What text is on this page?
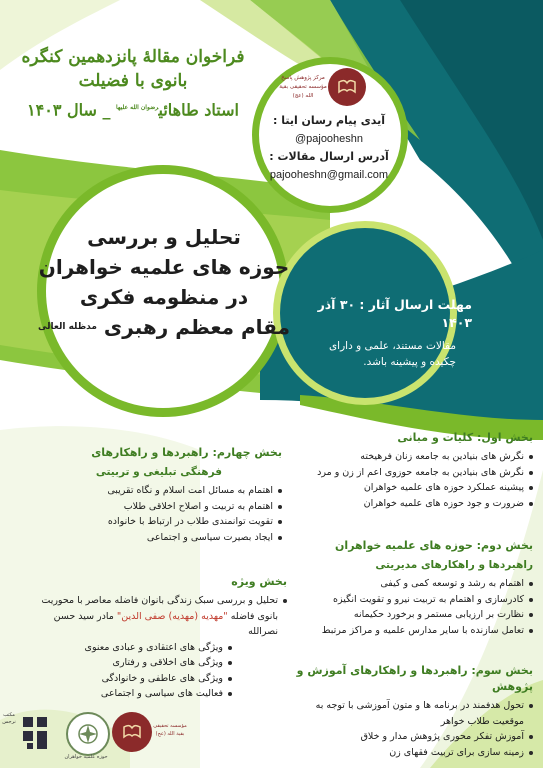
فراخوان مقالۀ پانزدهمین کنگره بانوی با فضیلت
استاد طاهائی$^{رضوان الله علیها}$ _ سال ۱۴۰۳
مرکز پژوهش پاسخ
مؤسسه تحقیقی بقیة الله (عج)
آیدی پیام رسان ایتا :
@pajooheshn
آدرس ارسال مقالات :
pajooheshn@gmail.com
تحلیل و بررسی
حوزه های علمیه خواهران
در منظومه فکری
مقام معظم رهبری $^{مدظله العالی}$
مهلت ارسال آثار : ۳۰ آذر ۱۴۰۳
مقالات مستند، علمی و دارای
چکیده و پیشینه باشد.
بخش اول: کلیات و مبانی
نگرش های بنیادین به جامعه زنان فرهیخته
نگرش های بنیادین به جامعه حوزوی اعم از زن و مرد
پیشینه عملکرد حوزه های علمیه خواهران
ضرورت و جود حوزه های علمیه خواهران
بخش دوم: حوزه های علمیه خواهران
راهبردها و راهکارهای مدیریتی
اهتمام به رشد و توسعه کمی و کیفی
کادرسازی و اهتمام به تربیت نیرو و تقویت انگیزه
نظارت بر ارزیابی مستمر و برخورد حکیمانه
تعامل سازنده با سایر مدارس علمیه و مراکز مرتبط
بخش سوم: راهبردها و راهکارهای آموزش و پژوهش
تحول هدفمند در برنامه ها و متون آموزشی با توجه به موقعیت طلاب خواهر
آموزش تفکر محوری پژوهش مدار و خلاق
زمینه سازی برای تربیت فقهای زن
بخش چهارم: راهبردها و راهکارهای
فرهنگی تبلیغی و تربیتی
اهتمام به مسائل امت اسلام و نگاه تقریبی
اهتمام به تربیت و اصلاح اخلاقی طلاب
تقویت توانمندی طلاب در ارتباط با خانواده
ایجاد بصیرت سیاسی و اجتماعی
بخش ویژه
تحلیل و بررسی سبک زندگی بانوان فاضله معاصر با محوریت بانوی فاضله "مهدیه (مهدیه) صفی الدین" مادر سید حسن نصرالله
ویژگی های اعتقادی و عبادی معنوی
ویژگی های اخلاقی و رفتاری
ویژگی های عاطفی و خانوادگی
فعالیت های سیاسی و اجتماعی
مؤسسه تحقیقی بقیة الله (عج)
حوزه علمیه خواهران
مکتب نرجس
